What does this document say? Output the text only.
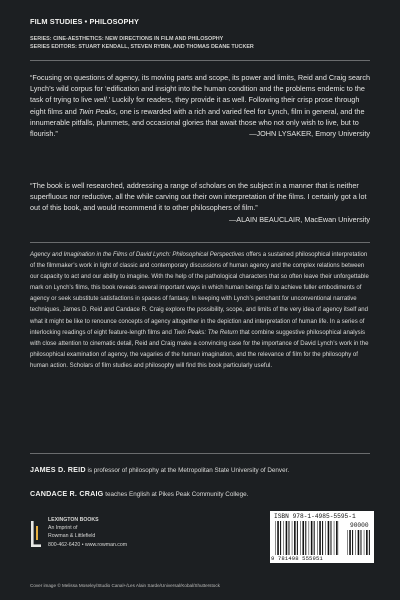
FILM STUDIES • PHILOSOPHY
SERIES: CINE-AESTHETICS: NEW DIRECTIONS IN FILM AND PHILOSOPHY
SERIES EDITORS: STUART KENDALL, STEVEN RYBIN, AND THOMAS DEANE TUCKER
“Focusing on questions of agency, its moving parts and scope, its power and limits, Reid and Craig search Lynch’s wild corpus for ‘edification and insight into the human condition and the problems endemic to the task of trying to live well.’ Luckily for readers, they provide it as well. Following their crisp prose through eight films and Twin Peaks, one is rewarded with a rich and varied feel for Lynch, film in general, and the innumerable pitfalls, plummets, and occasional glories that await those who not only wish to live, but to flourish.”	—JOHN LYSAKER, Emory University
“The book is well researched, addressing a range of scholars on the subject in a manner that is neither superfluous nor reductive, all the while carving out their own interpretation of the films. I certainly got a lot out of this book, and would recommend it to other philosophers of film.”
—ALAIN BEAUCLAIR, MacEwan University
Agency and Imagination in the Films of David Lynch: Philosophical Perspectives offers a sustained philosophical interpretation of the filmmaker’s work in light of classic and contemporary discussions of human agency and the complex relations between our capacity to act and our ability to imagine. With the help of the pathological characters that so often leave their unforgettable mark on Lynch’s films, this book reveals several important ways in which human beings fail to achieve fuller embodiments of agency or seek substitute satisfactions in spaces of fantasy. In keeping with Lynch’s penchant for unconventional narrative techniques, James D. Reid and Candace R. Craig explore the possibility, scope, and limits of the very idea of agency itself and what it might be like to renounce concepts of agency altogether in the depiction and interpretation of human life. In a series of interlocking readings of eight feature-length films and Twin Peaks: The Return that combine suggestive philosophical analysis with close attention to cinematic detail, Reid and Craig make a convincing case for the importance of David Lynch’s work in the philosophical examination of agency, the vagaries of the human imagination, and the relevance of film for the philosophy of human action. Scholars of film studies and philosophy will find this book particularly useful.
JAMES D. REID is professor of philosophy at the Metropolitan State University of Denver.
CANDACE R. CRAIG teaches English at Pikes Peak Community College.
LEXINGTON BOOKS
An Imprint of
Rowman & Littlefield
800-462-6420 • www.rowman.com
ISBN 978-1-4985-5595-1
90000
9 781498 555951
Cover image © Melissa Moseley/Studio Canal+/Les Alain Sarde/Universal/Kobal/Shutterstock
